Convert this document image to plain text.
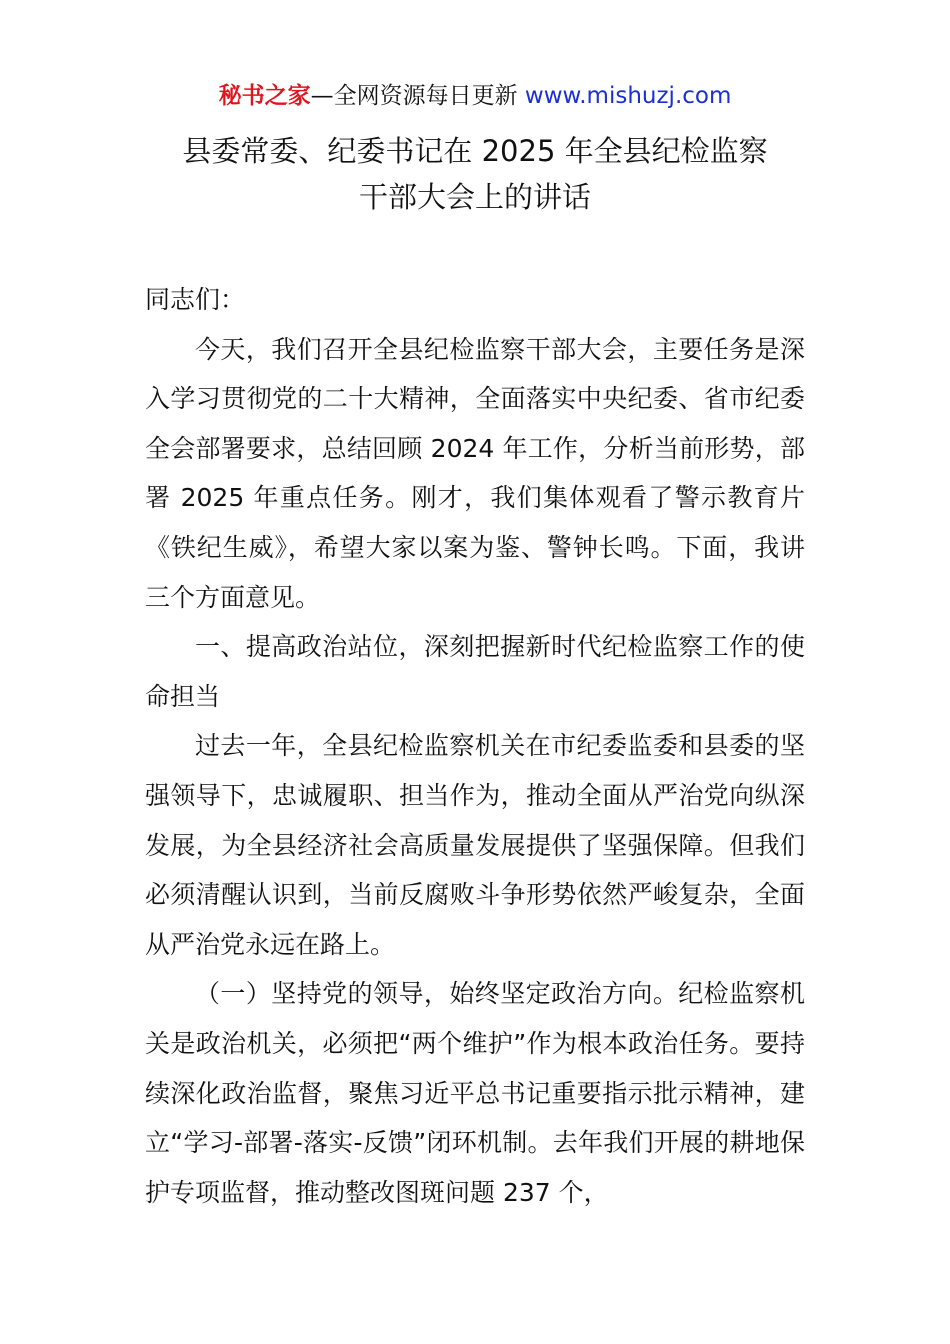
秘书之家—全网资源每日更新 www.mishuzj.com
县委常委、纪委书记在 2025 年全县纪检监察
干部大会上的讲话

同志们：

今天，我们召开全县纪检监察干部大会，主要任务是深入学习贯彻党的二十大精神，全面落实中央纪委、省市纪委全会部署要求，总结回顾 2024 年工作，分析当前形势，部署 2025 年重点任务。刚才，我们集体观看了警示教育片《铁纪生威》，希望大家以案为鉴、警钟长鸣。下面，我讲三个方面意见。

一、提高政治站位，深刻把握新时代纪检监察工作的使命担当

过去一年，全县纪检监察机关在市纪委监委和县委的坚强领导下，忠诚履职、担当作为，推动全面从严治党向纵深发展，为全县经济社会高质量发展提供了坚强保障。但我们必须清醒认识到，当前反腐败斗争形势依然严峻复杂，全面从严治党永远在路上。

（一）坚持党的领导，始终坚定政治方向。纪检监察机关是政治机关，必须把“两个维护”作为根本政治任务。要持续深化政治监督，聚焦习近平总书记重要指示批示精神，建立“学习-部署-落实-反馈”闭环机制。去年我们开展的耕地保护专项监督，推动整改图斑问题 237 个，
